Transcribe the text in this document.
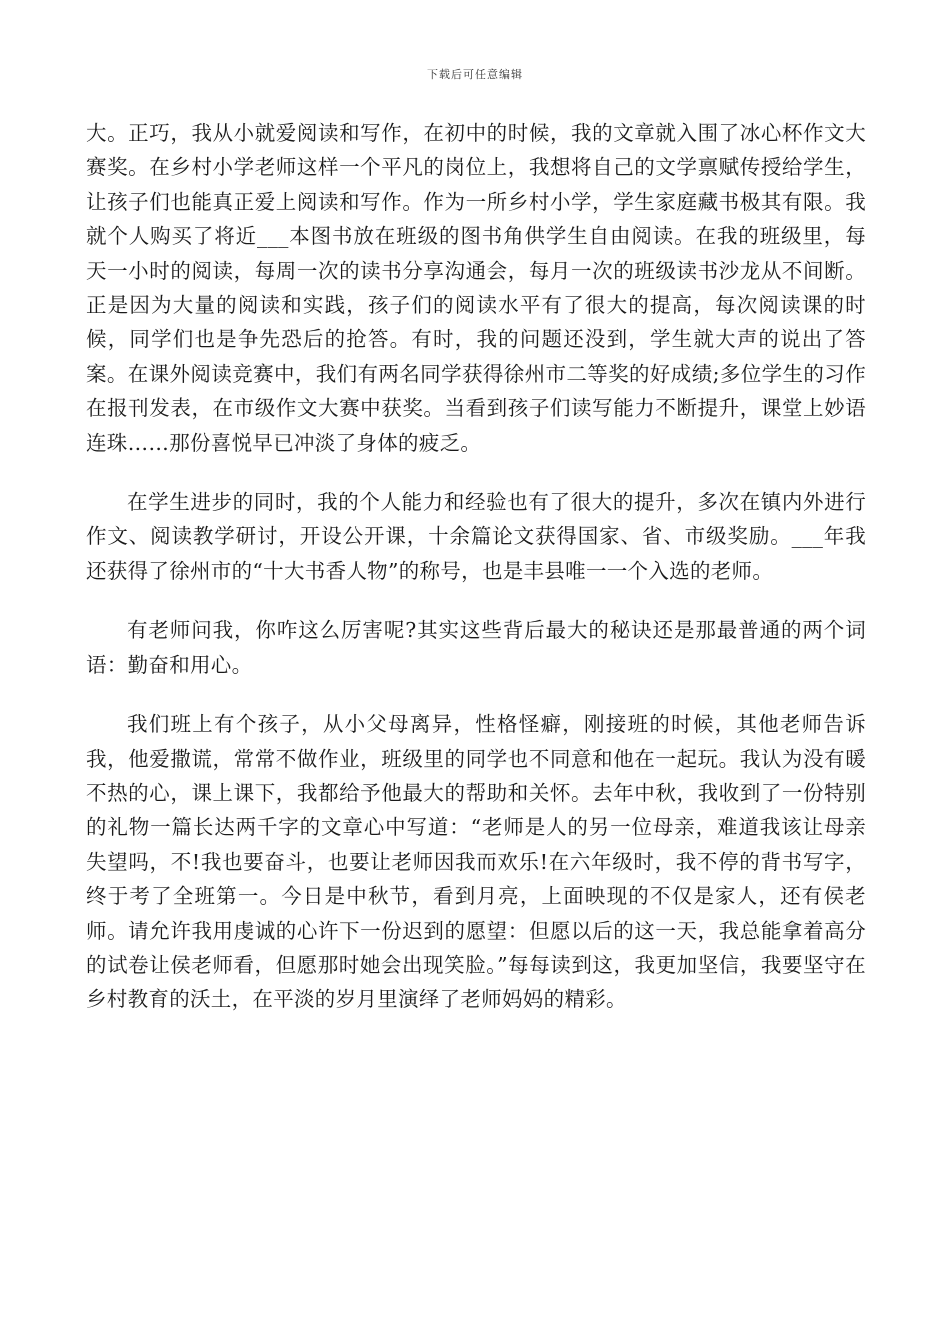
下载后可任意编辑

大。正巧，我从小就爱阅读和写作，在初中的时候，我的文章就入围了冰心杯作文大赛奖。在乡村小学老师这样一个平凡的岗位上，我想将自己的文学禀赋传授给学生，让孩子们也能真正爱上阅读和写作。作为一所乡村小学，学生家庭藏书极其有限。我就个人购买了将近___本图书放在班级的图书角供学生自由阅读。在我的班级里，每天一小时的阅读，每周一次的读书分享沟通会，每月一次的班级读书沙龙从不间断。正是因为大量的阅读和实践，孩子们的阅读水平有了很大的提高，每次阅读课的时候，同学们也是争先恐后的抢答。有时，我的问题还没到，学生就大声的说出了答案。在课外阅读竞赛中，我们有两名同学获得徐州市二等奖的好成绩;多位学生的习作在报刊发表，在市级作文大赛中获奖。当看到孩子们读写能力不断提升，课堂上妙语连珠……那份喜悦早已冲淡了身体的疲乏。

在学生进步的同时，我的个人能力和经验也有了很大的提升，多次在镇内外进行作文、阅读教学研讨，开设公开课，十余篇论文获得国家、省、市级奖励。___年我还获得了徐州市的“十大书香人物”的称号，也是丰县唯一一个入选的老师。

有老师问我，你咋这么厉害呢?其实这些背后最大的秘诀还是那最普通的两个词语：勤奋和用心。

我们班上有个孩子，从小父母离异，性格怪癖，刚接班的时候，其他老师告诉我，他爱撒谎，常常不做作业，班级里的同学也不同意和他在一起玩。我认为没有暖不热的心，课上课下，我都给予他最大的帮助和关怀。去年中秋，我收到了一份特别的礼物一篇长达两千字的文章心中写道：“老师是人的另一位母亲，难道我该让母亲失望吗，不!我也要奋斗，也要让老师因我而欢乐!在六年级时，我不停的背书写字，终于考了全班第一。今日是中秋节，看到月亮，上面映现的不仅是家人，还有侯老师。请允许我用虔诚的心许下一份迟到的愿望：但愿以后的这一天，我总能拿着高分的试卷让侯老师看，但愿那时她会出现笑脸。”每每读到这，我更加坚信，我要坚守在乡村教育的沃土，在平淡的岁月里演绎了老师妈妈的精彩。
